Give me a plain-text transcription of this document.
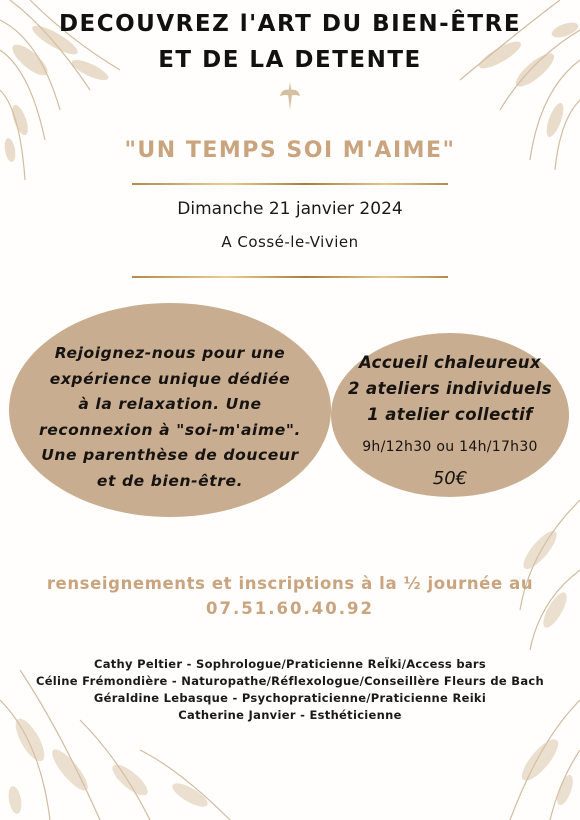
DECOUVREZ l'ART DU BIEN-ÊTRE
ET DE LA DETENTE
"UN TEMPS SOI M'AIME"
Dimanche 21 janvier 2024
A Cossé-le-Vivien
Rejoignez-nous pour une
expérience unique dédiée
à la relaxation. Une
reconnexion à "soi-m'aime".
Une parenthèse de douceur
et de bien-être.
Accueil chaleureux
2 ateliers individuels
1 atelier collectif
9h/12h30 ou 14h/17h30
50€
renseignements et inscriptions à la ½ journée au
07.51.60.40.92
Cathy Peltier - Sophrologue/Praticienne ReÏki/Access bars
Céline Frémondière - Naturopathe/Réflexologue/Conseillère Fleurs de Bach
Géraldine Lebasque - Psychopraticienne/Praticienne Reiki
Catherine Janvier - Esthéticienne
